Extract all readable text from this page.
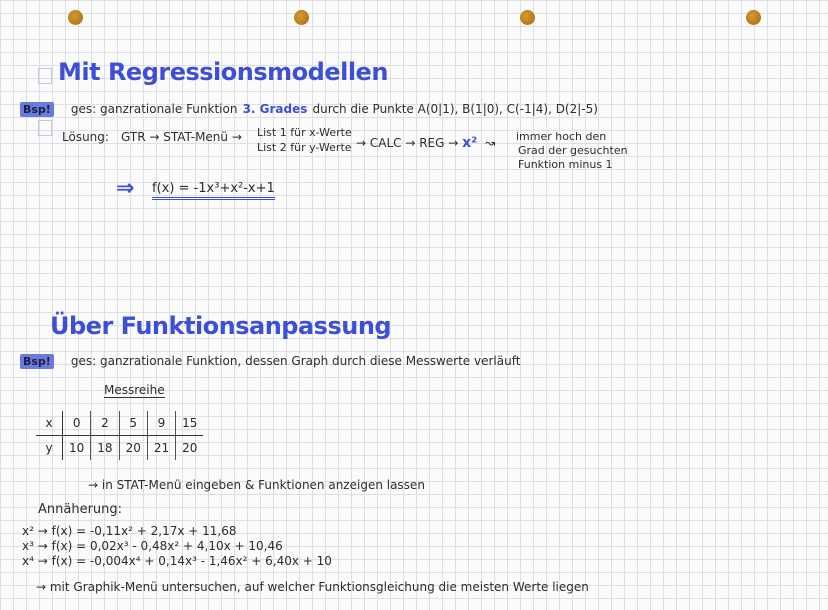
Mit Regressionsmodellen
Bsp! ges: ganzrationale Funktion 3. Grades durch die Punkte A(0|1), B(1|0), C(-1|4), D(2|-5)
Lösung: GTR → STAT-Menü → List 1 für x-Werte
List 2 für y-Werte → CALC → REG → x² ↝ immer hoch den
Grad der gesuchten
Funktion minus 1
⇒ f(x) = -1x³+x²-x+1
Über Funktionsanpassung
Bsp! ges: ganzrationale Funktion, dessen Graph durch diese Messwerte verläuft
Messreihe
x	0	2	5	9	15
y	10	18	20	21	20
→ in STAT-Menü eingeben & Funktionen anzeigen lassen
Annäherung:
x² → f(x) = -0,11x² + 2,17x + 11,68
x³ → f(x) = 0,02x³ - 0,48x² + 4,10x + 10,46
x⁴ → f(x) = -0,004x⁴ + 0,14x³ - 1,46x² + 6,40x + 10
→ mit Graphik-Menü untersuchen, auf welcher Funktionsgleichung die meisten Werte liegen
